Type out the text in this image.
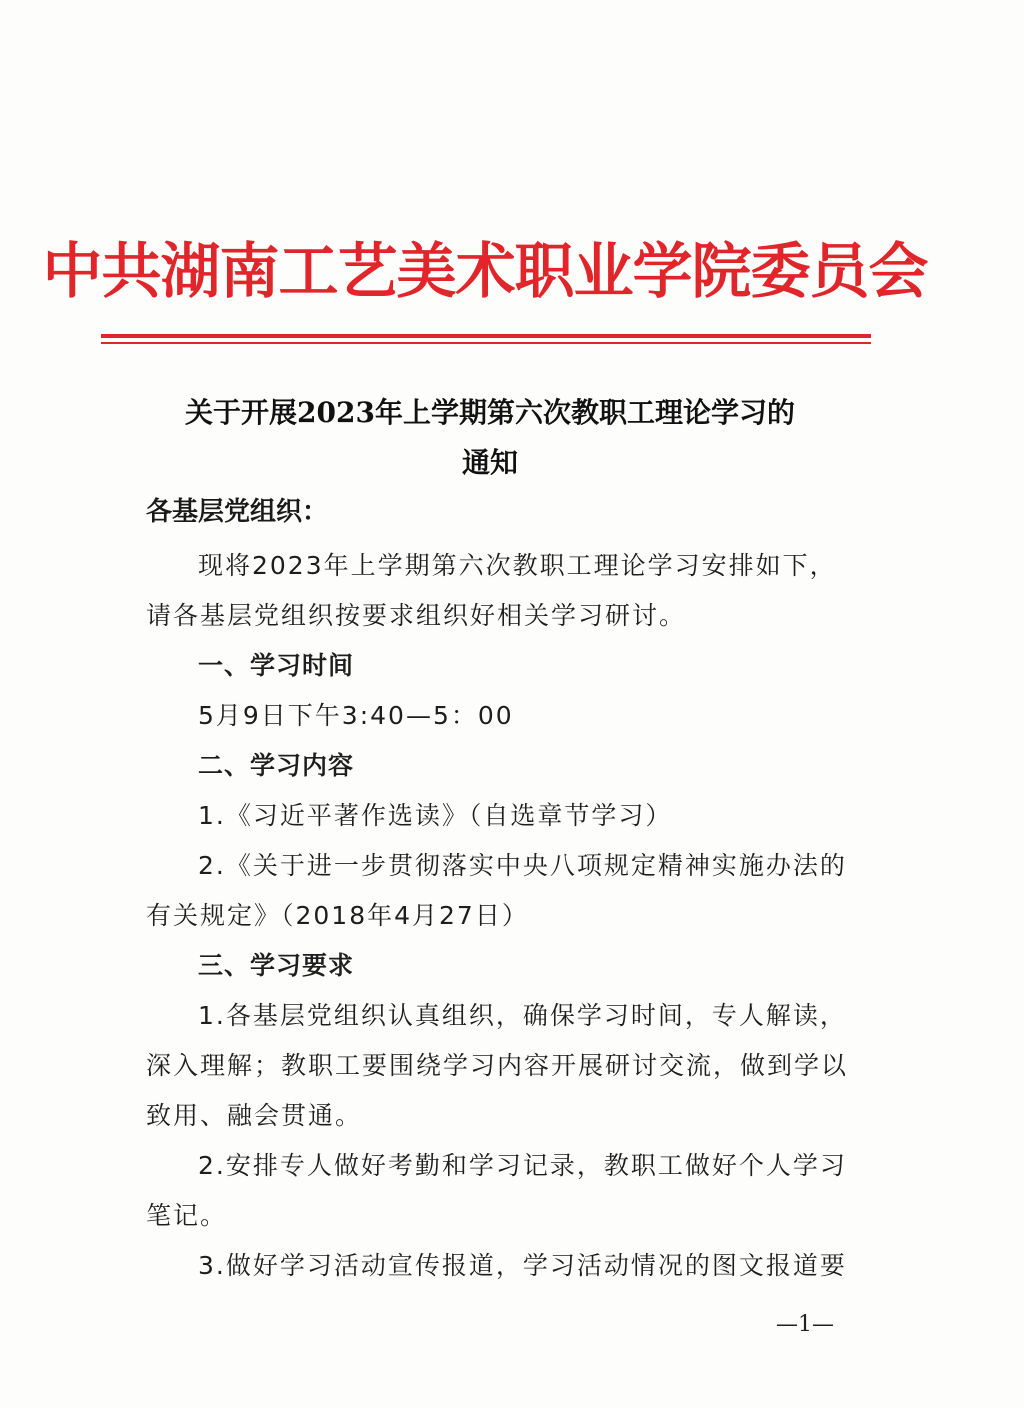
中共湖南工艺美术职业学院委员会
关于开展2023年上学期第六次教职工理论学习的
通知
各基层党组织：
现将2023年上学期第六次教职工理论学习安排如下，
请各基层党组织按要求组织好相关学习研讨。
一、学习时间
5月9日下午3:40—5：00
二、学习内容
1.《习近平著作选读》（自选章节学习）
2.《关于进一步贯彻落实中央八项规定精神实施办法的
有关规定》（2018年4月27日）
三、学习要求
1.各基层党组织认真组织，确保学习时间，专人解读，
深入理解；教职工要围绕学习内容开展研讨交流，做到学以
致用、融会贯通。
2.安排专人做好考勤和学习记录，教职工做好个人学习
笔记。
3.做好学习活动宣传报道，学习活动情况的图文报道要
—1—
